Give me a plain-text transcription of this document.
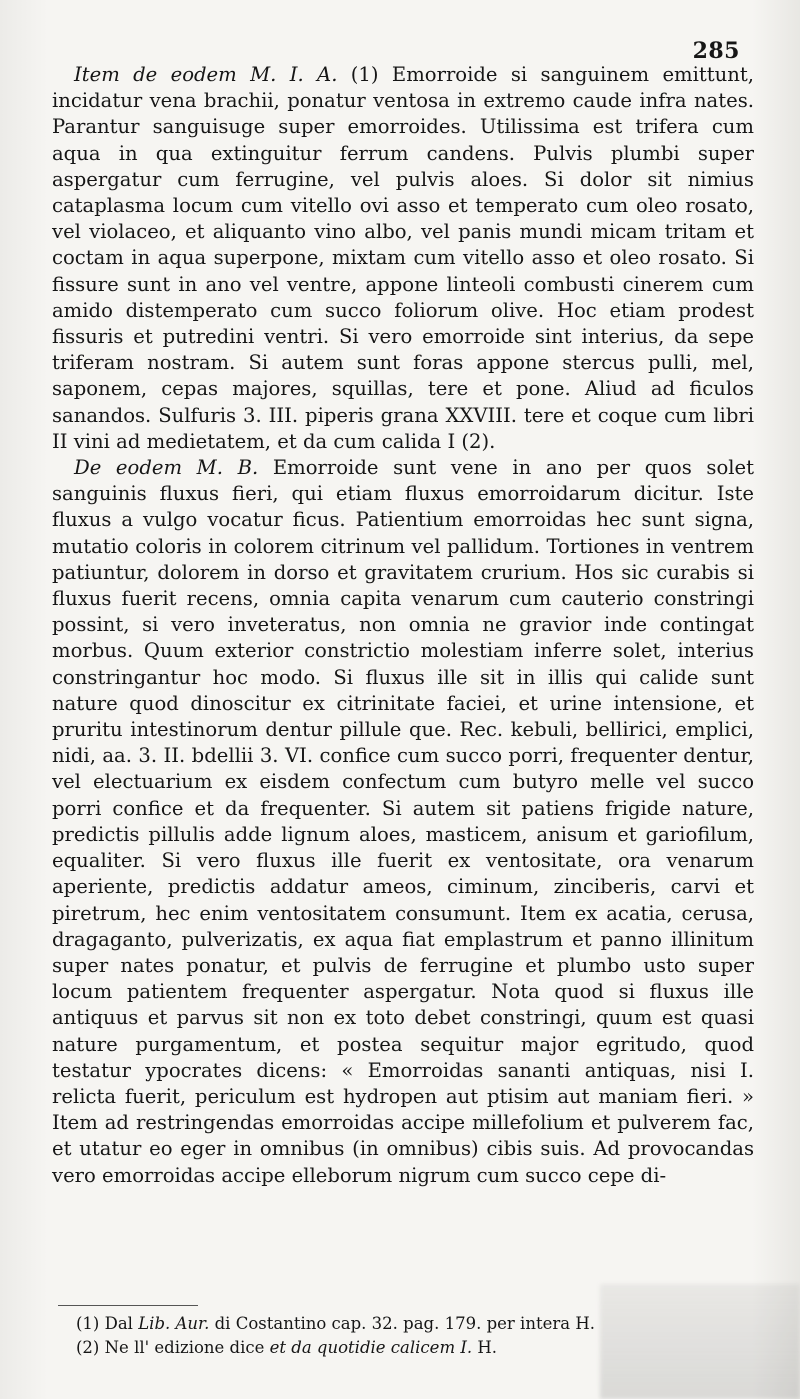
285

Item de eodem M. I. A. (1) Emorroide si sanguinem emittunt, incidatur vena brachii, ponatur ventosa in extremo caude infra nates. Parantur sanguisuge super emorroides. Utilissima est trifera cum aqua in qua extinguitur ferrum candens. Pulvis plumbi super aspergatur cum ferrugine, vel pulvis aloes. Si dolor sit nimius cataplasma locum cum vitello ovi asso et temperato cum oleo rosato, vel violaceo, et aliquanto vino albo, vel panis mundi micam tritam et coctam in aqua superpone, mixtam cum vitello asso et oleo rosato. Si fissure sunt in ano vel ventre, appone linteoli combusti cinerem cum amido distemperato cum succo foliorum olive. Hoc etiam prodest fissuris et putredini ventri. Si vero emorroide sint interius, da sepe triferam nostram. Si autem sunt foras appone stercus pulli, mel, saponem, cepas majores, squillas, tere et pone. Aliud ad ficulos sanandos. Sulfuris 3. III. piperis grana XXVIII. tere et coque cum libri II vini ad medietatem, et da cum calida I (2).

De eodem M. B. Emorroide sunt vene in ano per quos solet sanguinis fluxus fieri, qui etiam fluxus emorroidarum dicitur. Iste fluxus a vulgo vocatur ficus. Patientium emorroidas hec sunt signa, mutatio coloris in colorem citrinum vel pallidum. Tortiones in ventrem patiuntur, dolorem in dorso et gravitatem crurium. Hos sic curabis si fluxus fuerit recens, omnia capita venarum cum cauterio constringi possint, si vero inveteratus, non omnia ne gravior inde contingat morbus. Quum exterior constrictio molestiam inferre solet, interius constringantur hoc modo. Si fluxus ille sit in illis qui calide sunt nature quod dinoscitur ex citrinitate faciei, et urine intensione, et pruritu intestinorum dentur pillule que. Rec. kebuli, bellirici, emplici, nidi, aa. 3. II. bdellii 3. VI. confice cum succo porri, frequenter dentur, vel electuarium ex eisdem confectum cum butyro melle vel succo porri confice et da frequenter. Si autem sit patiens frigide nature, predictis pillulis adde lignum aloes, masticem, anisum et gariofilum, equaliter. Si vero fluxus ille fuerit ex ventositate, ora venarum aperiente, predictis addatur ameos, ciminum, zinciberis, carvi et piretrum, hec enim ventositatem consumunt. Item ex acatia, cerusa, dragaganto, pulverizatis, ex aqua fiat emplastrum et panno illinitum super nates ponatur, et pulvis de ferrugine et plumbo usto super locum patientem frequenter aspergatur. Nota quod si fluxus ille antiquus et parvus sit non ex toto debet constringi, quum est quasi nature purgamentum, et postea sequitur major egritudo, quod testatur ypocrates dicens: « Emorroidas sananti antiquas, nisi I. relicta fuerit, periculum est hydropen aut ptisim aut maniam fieri. » Item ad restringendas emorroidas accipe millefolium et pulverem fac, et utatur eo eger in omnibus (in omnibus) cibis suis. Ad provocandas vero emorroidas accipe elleborum nigrum cum succo cepe di-

(1) Dal Lib. Aur. di Costantino cap. 32. pag. 179. per intera H.

(2) Ne ll' edizione dice et da quotidie calicem I. H.
